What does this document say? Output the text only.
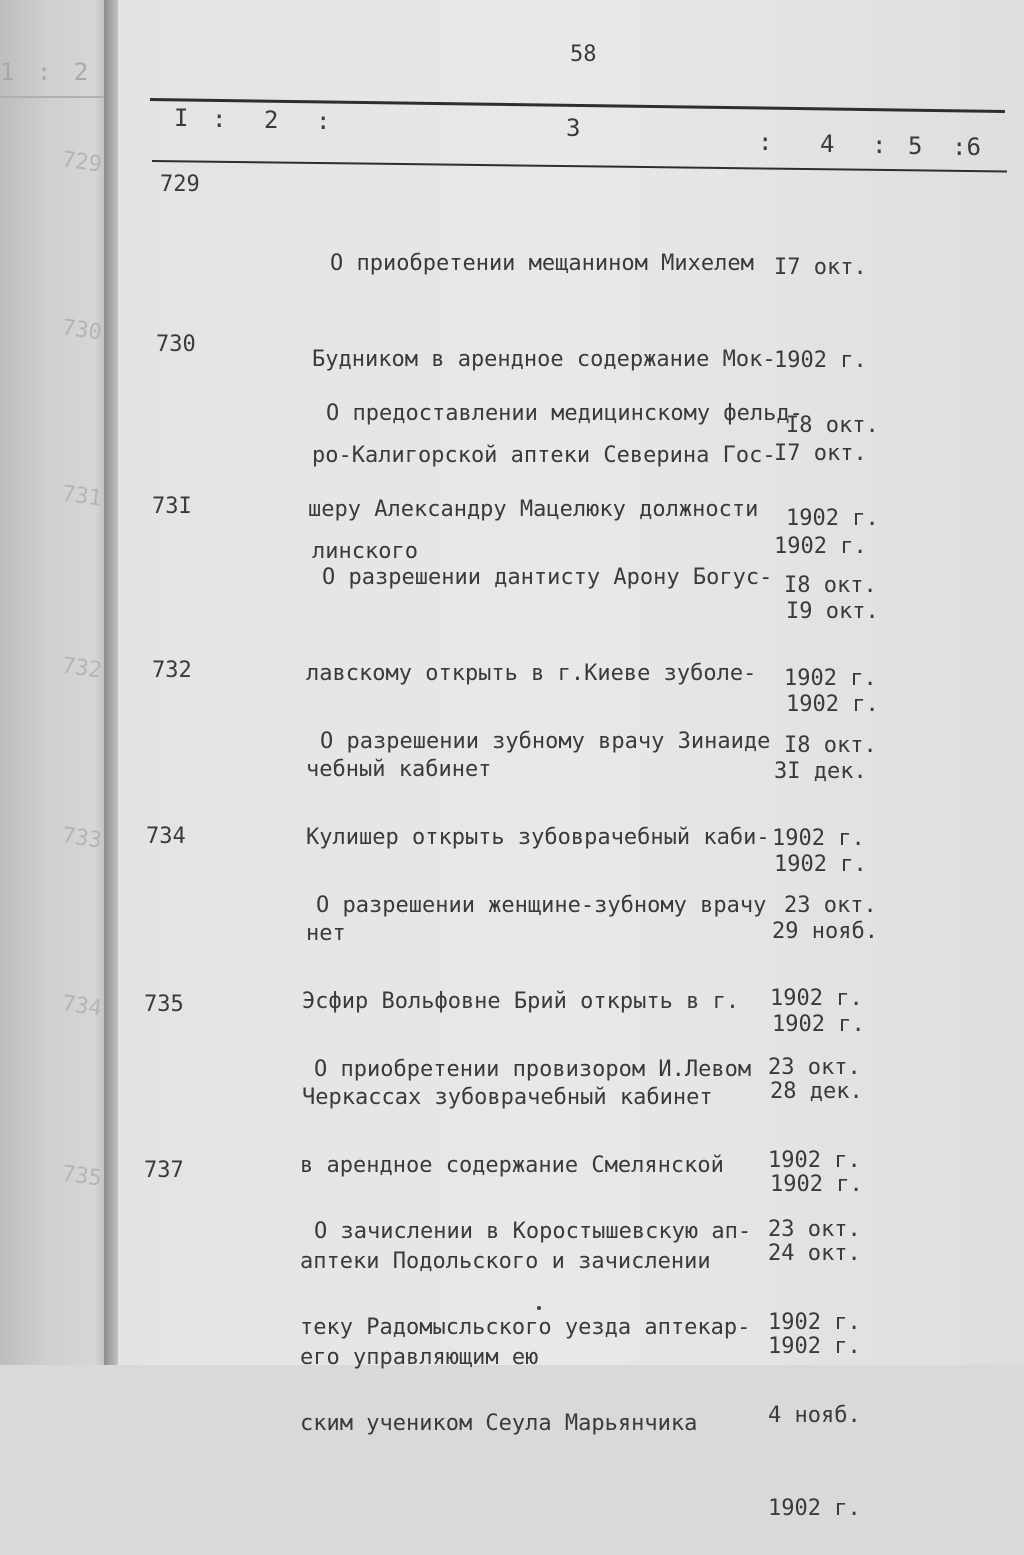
1 : 2
729
730
731
732
733
734
735
58
I : 2 :	3	: 4 : 5 :6
729

О приобретении мещанином Михелем

Будником в арендное содержание Мок-

ро-Калигорской аптеки Северина Гос-

линского

I7 окт.

1902 г.

I7 окт.

1902 г.

730

О предоставлении медицинскому фельд-

шеру Александру Мацелюку должности

I8 окт.

1902 г.

I9 окт.

1902 г.

73I

О разрешении дантисту Арону Богус-

лавскому открыть в г.Киеве зуболе-

чебный кабинет

I8 окт.

1902 г.

3I дек.

1902 г.

732

О разрешении зубному врачу Зинаиде

Кулишер открыть зубоврачебный каби-

нет

I8 окт.

1902 г.

29 нояб.

1902 г.

734

О разрешении женщине-зубному врачу

Эсфир Вольфовне Брий открыть в г.

Черкассах зубоврачебный кабинет

23 окт.

1902 г.

28 дек.

1902 г.

735

О приобретении провизором И.Левом

в арендное содержание Смелянской

аптеки Подольского и зачислении

его управляющим ею

23 окт.

1902 г.

24 окт.

1902 г.

737

О зачислении в Коростышевскую ап-

теку Радомысльского уезда аптекар-

ским учеником Сеула Марьянчика

23 окт.

1902 г.

4 нояб.

1902 г.
